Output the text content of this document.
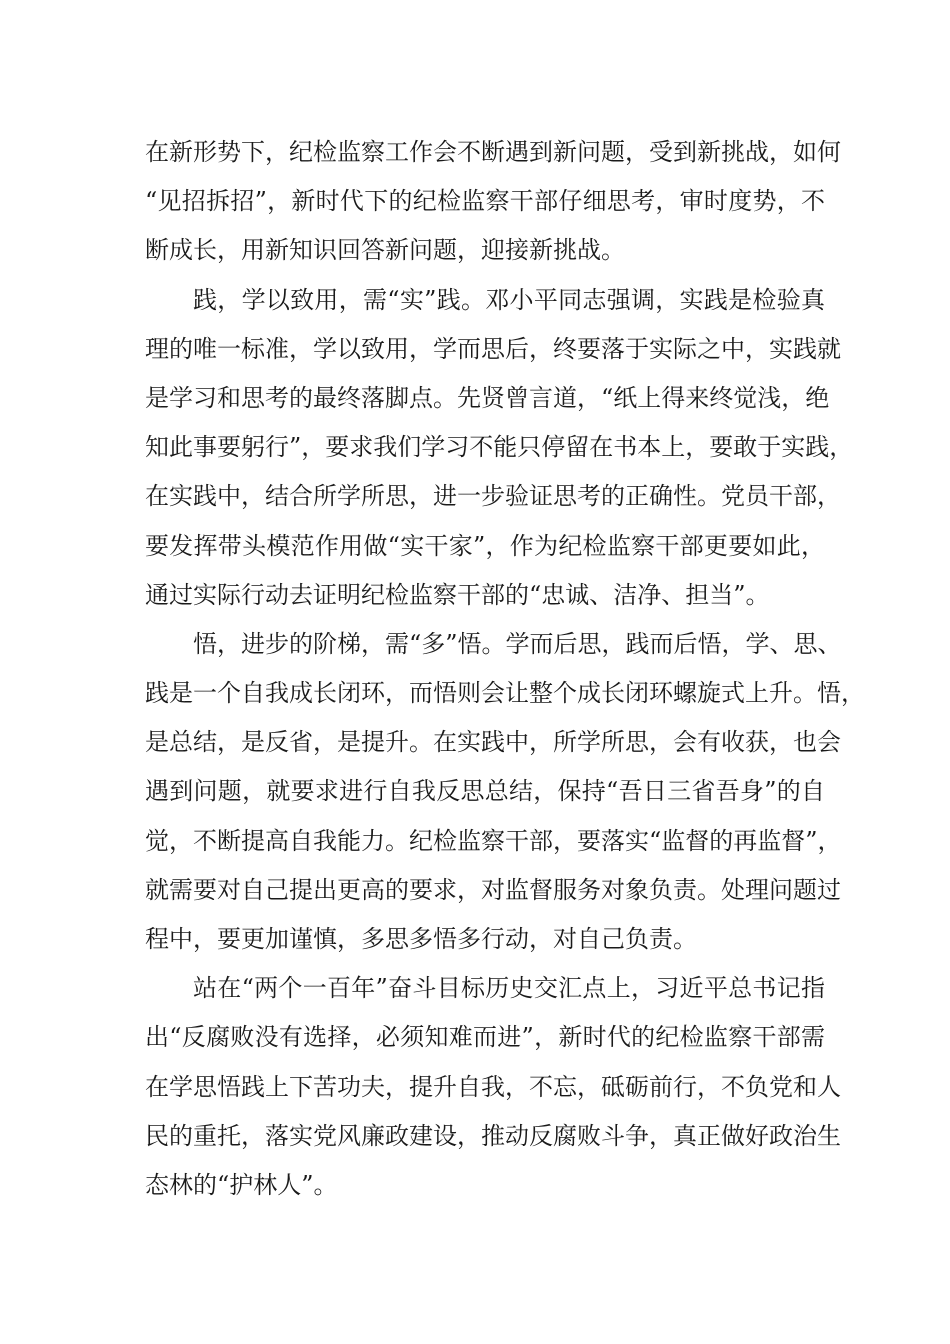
在新形势下，纪检监察工作会不断遇到新问题，受到新挑战，如何
“见招拆招”，新时代下的纪检监察干部仔细思考，审时度势，不
断成长，用新知识回答新问题，迎接新挑战。
践，学以致用，需“实”践。邓小平同志强调，实践是检验真
理的唯一标准，学以致用，学而思后，终要落于实际之中，实践就
是学习和思考的最终落脚点。先贤曾言道，“纸上得来终觉浅，绝
知此事要躬行”，要求我们学习不能只停留在书本上，要敢于实践，
在实践中，结合所学所思，进一步验证思考的正确性。党员干部，
要发挥带头模范作用做“实干家”，作为纪检监察干部更要如此，
通过实际行动去证明纪检监察干部的“忠诚、洁净、担当”。
悟，进步的阶梯，需“多”悟。学而后思，践而后悟，学、思、
践是一个自我成长闭环，而悟则会让整个成长闭环螺旋式上升。悟，
是总结，是反省，是提升。在实践中，所学所思，会有收获，也会
遇到问题，就要求进行自我反思总结，保持“吾日三省吾身”的自
觉，不断提高自我能力。纪检监察干部，要落实“监督的再监督”，
就需要对自己提出更高的要求，对监督服务对象负责。处理问题过
程中，要更加谨慎，多思多悟多行动，对自己负责。
站在“两个一百年”奋斗目标历史交汇点上，习近平总书记指
出“反腐败没有选择，必须知难而进”，新时代的纪检监察干部需
在学思悟践上下苦功夫，提升自我，不忘，砥砺前行，不负党和人
民的重托，落实党风廉政建设，推动反腐败斗争，真正做好政治生
态林的“护林人”。
